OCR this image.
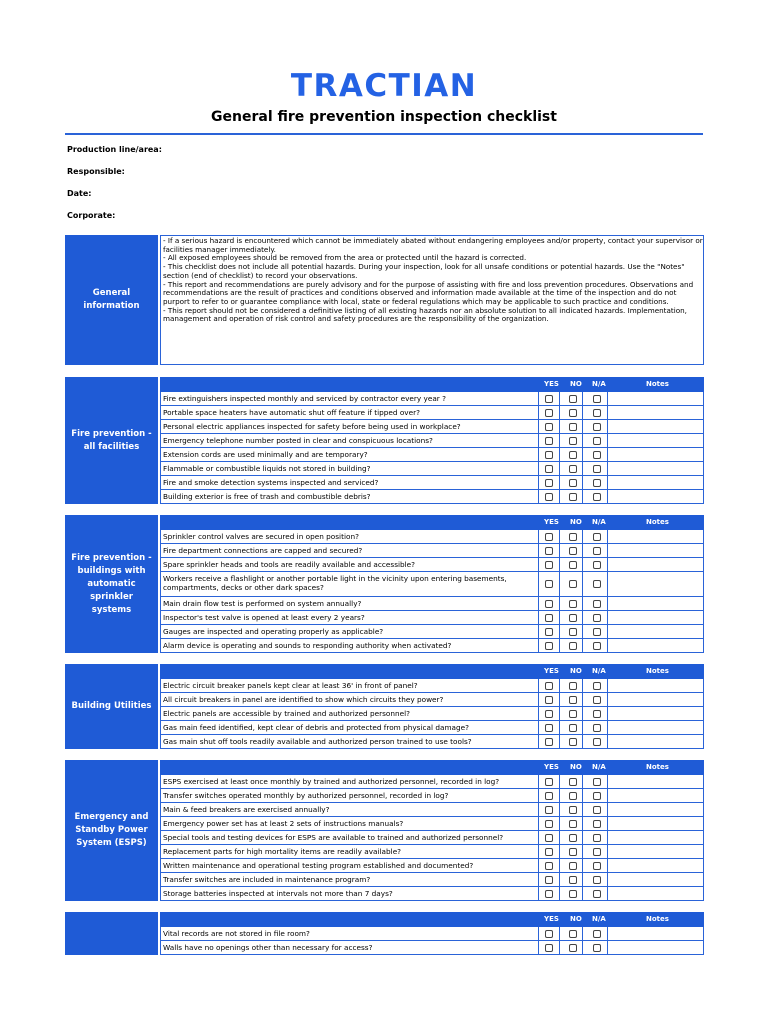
TRACTIAN
General fire prevention inspection checklist
Production line/area:
Responsible:
Date:
Corporate:
General information
- If a serious hazard is encountered which cannot be immediately abated without endangering employees and/or property, contact your supervisor or facilities manager immediately.
- All exposed employees should be removed from the area or protected until the hazard is corrected.
- This checklist does not include all potential hazards. During your inspection, look for all unsafe conditions or potential hazards. Use the "Notes" section (end of checklist) to record your observations.
- This report and recommendations are purely advisory and for the purpose of assisting with fire and loss prevention procedures. Observations and recommendations are the result of practices and conditions observed and information made available at the time of the inspection and do not purport to refer to or guarantee compliance with local, state or federal regulations which may be applicable to such practice and conditions.
- This report should not be considered a definitive listing of all existing hazards nor an absolute solution to all indicated hazards. Implementation, management and operation of risk control and safety procedures are the responsibility of the organization.
Fire prevention - all facilities
YES NO N/A	Notes
Fire extinguishers inspected monthly and serviced by contractor every year ?
Portable space heaters have automatic shut off feature if tipped over?
Personal electric appliances inspected for safety before being used in workplace?
Emergency telephone number posted in clear and conspicuous locations?
Extension cords are used minimally and are temporary?
Flammable or combustible liquids not stored in building?
Fire and smoke detection systems inspected and serviced?
Building exterior is free of trash and combustible debris?
Fire prevention - buildings with automatic sprinkler systems
YES NO N/A	Notes
Sprinkler control valves are secured in open position?
Fire department connections are capped and secured?
Spare sprinkler heads and tools are readily available and accessible?
Workers receive a flashlight or another portable light in the vicinity upon entering basements, compartments, decks or other dark spaces?
Main drain flow test is performed on system annually?
Inspector's test valve is opened at least every 2 years?
Gauges are inspected and operating properly as applicable?
Alarm device is operating and sounds to responding authority when activated?
Building Utilities
YES NO N/A	Notes
Electric circuit breaker panels kept clear at least 36' in front of panel?
All circuit breakers in panel are identified to show which circuits they power?
Electric panels are accessible by trained and authorized personnel?
Gas main feed identified, kept clear of debris and protected from physical damage?
Gas main shut off tools readily available and authorized person trained to use tools?
Emergency and Standby Power System (ESPS)
YES NO N/A	Notes
ESPS exercised at least once monthly by trained and authorized personnel, recorded in log?
Transfer switches operated monthly by authorized personnel, recorded in log?
Main & feed breakers are exercised annually?
Emergency power set has at least 2 sets of instructions manuals?
Special tools and testing devices for ESPS are available to trained and authorized personnel?
Replacement parts for high mortality items are readily available?
Written maintenance and operational testing program established and documented?
Transfer switches are included in maintenance program?
Storage batteries inspected at intervals not more than 7 days?
YES NO N/A	Notes
Vital records are not stored in file room?
Walls have no openings other than necessary for access?
